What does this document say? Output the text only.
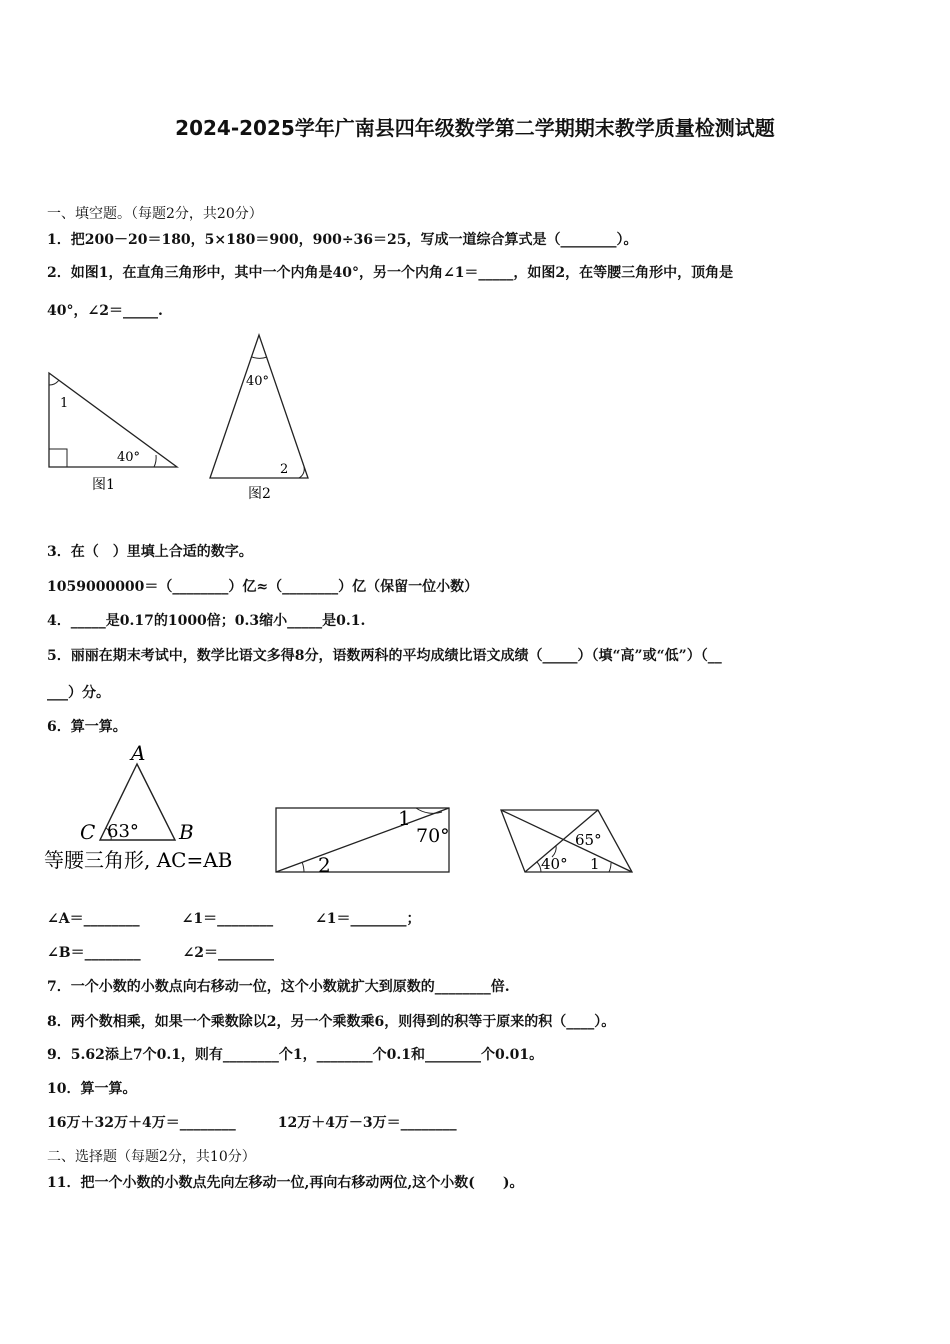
2024-2025学年广南县四年级数学第二学期期末教学质量检测试题
一、填空题。（每题2分，共20分）
1．把200－20＝180，5×180＝900，900÷36＝25，写成一道综合算式是（________）。
2．如图1，在直角三角形中，其中一个内角是40°，另一个内角∠1＝_____，如图2，在等腰三角形中，顶角是
40°，∠2＝_____.
1
40°
图1
40°
2
图2
3．在（　）里填上合适的数字。
1059000000＝（________）亿≈（________）亿（保留一位小数）
4．_____是0.17的1000倍；0.3缩小_____是0.1.
5．丽丽在期末考试中，数学比语文多得8分，语数两科的平均成绩比语文成绩（_____）（填“高”或“低”）（__
___）分。
6．算一算。
A
C	B
63°
等腰三角形, AC=AB
1
70°
2
65°
40° 1
∠A＝________　　　∠1＝________　　　∠1＝________；
∠B＝________　　　∠2＝________
7．一个小数的小数点向右移动一位，这个小数就扩大到原数的________倍.
8．两个数相乘，如果一个乘数除以2，另一个乘数乘6，则得到的积等于原来的积（____）。
9．5.62添上7个0.1，则有________个1，________个0.1和________个0.01。
10．算一算。
16万＋32万＋4万＝________　　　12万＋4万－3万＝________
二、选择题（每题2分，共10分）
11．把一个小数的小数点先向左移动一位,再向右移动两位,这个小数(　　)。
